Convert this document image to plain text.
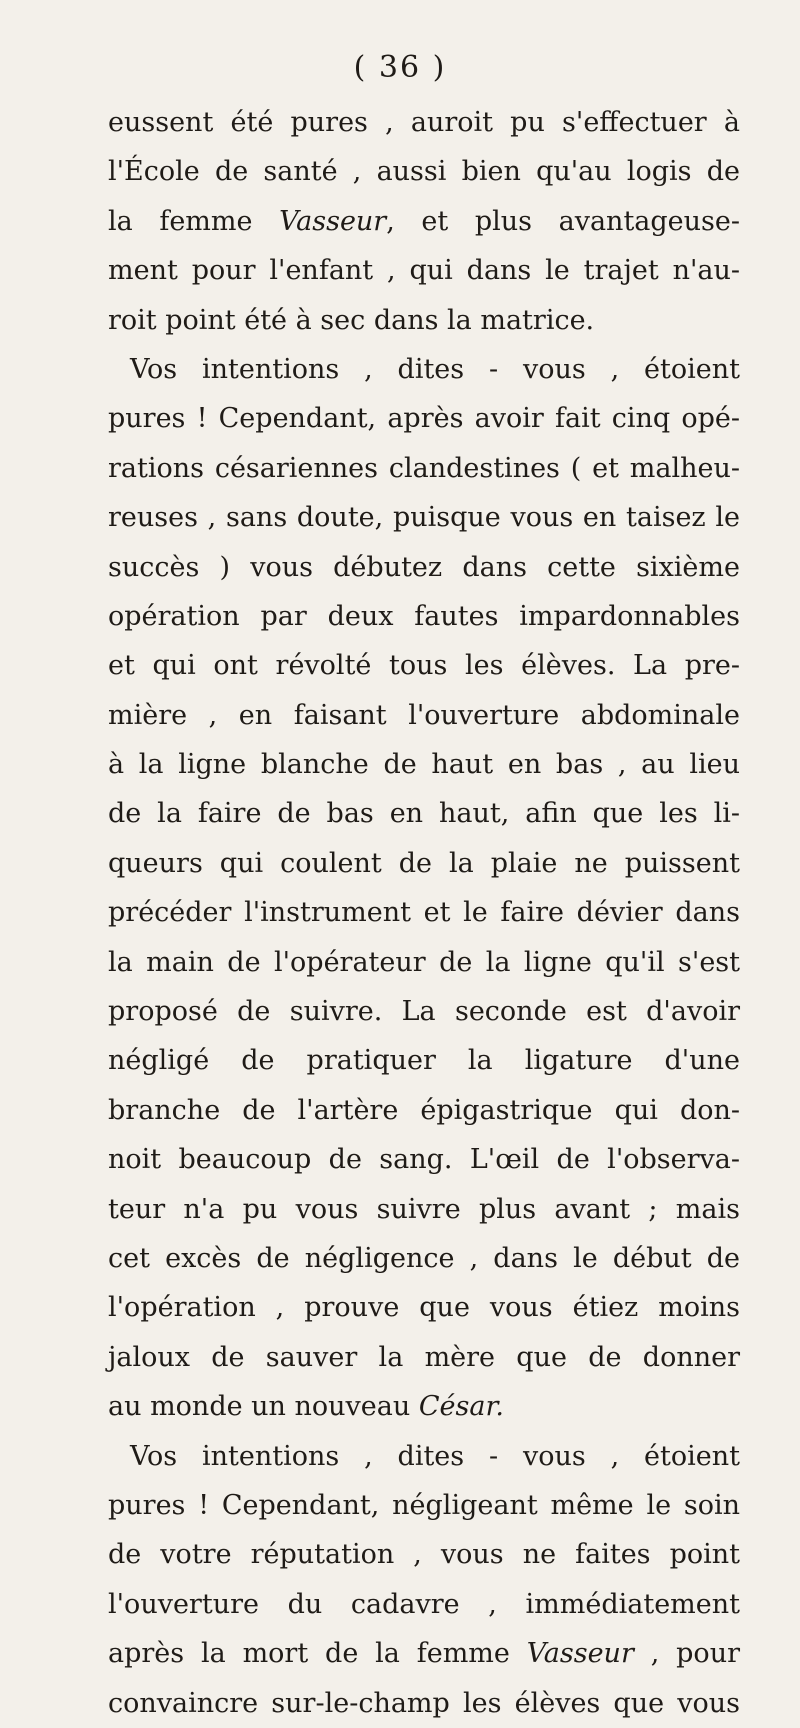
( 36 )
eussent été pures , auroit pu s'effectuer à
l'École de santé , aussi bien qu'au logis de
la femme Vasseur, et plus avantageuse-
ment pour l'enfant , qui dans le trajet n'au-
roit point été à sec dans la matrice.
Vos intentions , dites - vous , étoient
pures ! Cependant, après avoir fait cinq opé-
rations césariennes clandestines ( et malheu-
reuses , sans doute, puisque vous en taisez le
succès ) vous débutez dans cette sixième
opération par deux fautes impardonnables
et qui ont révolté tous les élèves. La pre-
mière , en faisant l'ouverture abdominale
à la ligne blanche de haut en bas , au lieu
de la faire de bas en haut, afin que les li-
queurs qui coulent de la plaie ne puissent
précéder l'instrument et le faire dévier dans
la main de l'opérateur de la ligne qu'il s'est
proposé de suivre. La seconde est d'avoir
négligé de pratiquer la ligature d'une
branche de l'artère épigastrique qui don-
noit beaucoup de sang. L'œil de l'observa-
teur n'a pu vous suivre plus avant ; mais
cet excès de négligence , dans le début de
l'opération , prouve que vous étiez moins
jaloux de sauver la mère que de donner
au monde un nouveau César.
Vos intentions , dites - vous , étoient
pures ! Cependant, négligeant même le soin
de votre réputation , vous ne faites point
l'ouverture du cadavre , immédiatement
après la mort de la femme Vasseur , pour
convaincre sur-le-champ les élèves que vous
